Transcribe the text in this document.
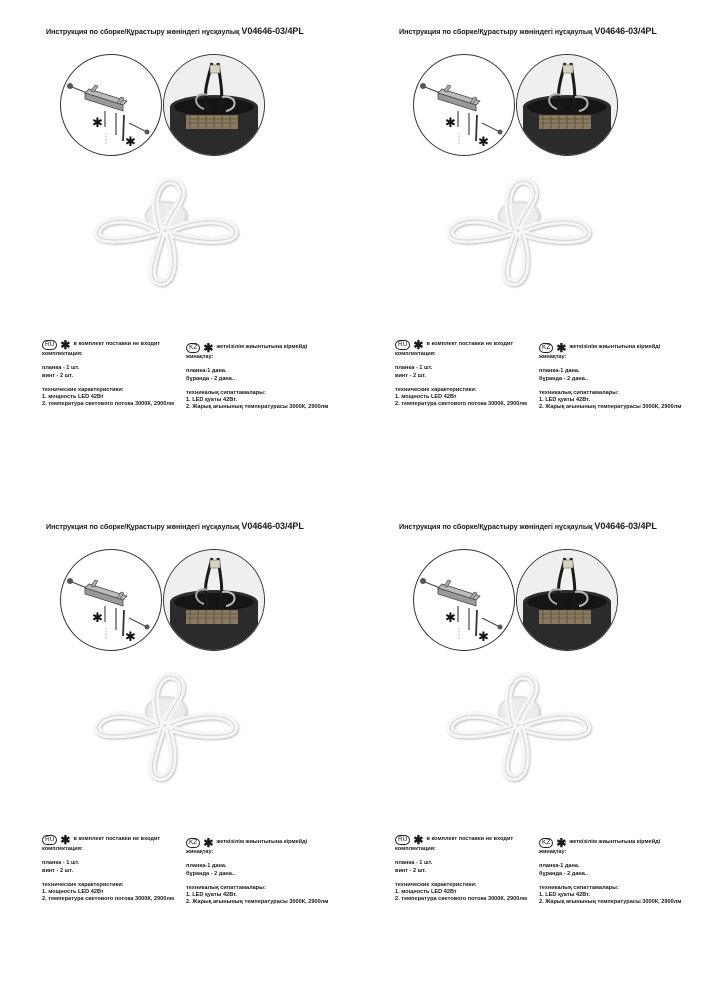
Инструкция по сборке/Құрастыру жөніндегі нұсқаулық V04646-03/4PL
✱
✱
RU ✱ в комплект поставки не входит
комплектация:
планка - 1 шт.
винт - 2 шт.
технические характеристики:
1. мощность LED 42Вт
2. температура светового потока 3000К, 2900лм
KZ ✱ жеткізілім жиынтығына кірмейді
жинақтау:
планка-1 дана.
бұранда - 2 дана..
техникалық сипаттамалары:
1. LED қуаты 42Вт.
2. Жарық ағынының температурасы 3000К, 2900лм
Инструкция по сборке/Құрастыру жөніндегі нұсқаулық V04646-03/4PL
✱
✱
RU ✱ в комплект поставки не входит
комплектация:
планка - 1 шт.
винт - 2 шт.
технические характеристики:
1. мощность LED 42Вт
2. температура светового потока 3000К, 2900лм
KZ ✱ жеткізілім жиынтығына кірмейді
жинақтау:
планка-1 дана.
бұранда - 2 дана..
техникалық сипаттамалары:
1. LED қуаты 42Вт.
2. Жарық ағынының температурасы 3000К, 2900лм
Инструкция по сборке/Құрастыру жөніндегі нұсқаулық V04646-03/4PL
✱
✱
RU ✱ в комплект поставки не входит
комплектация:
планка - 1 шт.
винт - 2 шт.
технические характеристики:
1. мощность LED 42Вт
2. температура светового потока 3000К, 2900лм
KZ ✱ жеткізілім жиынтығына кірмейді
жинақтау:
планка-1 дана.
бұранда - 2 дана..
техникалық сипаттамалары:
1. LED қуаты 42Вт.
2. Жарық ағынының температурасы 3000К, 2900лм
Инструкция по сборке/Құрастыру жөніндегі нұсқаулық V04646-03/4PL
✱
✱
RU ✱ в комплект поставки не входит
комплектация:
планка - 1 шт.
винт - 2 шт.
технические характеристики:
1. мощность LED 42Вт
2. температура светового потока 3000К, 2900лм
KZ ✱ жеткізілім жиынтығына кірмейді
жинақтау:
планка-1 дана.
бұранда - 2 дана..
техникалық сипаттамалары:
1. LED қуаты 42Вт.
2. Жарық ағынының температурасы 3000К, 2900лм
